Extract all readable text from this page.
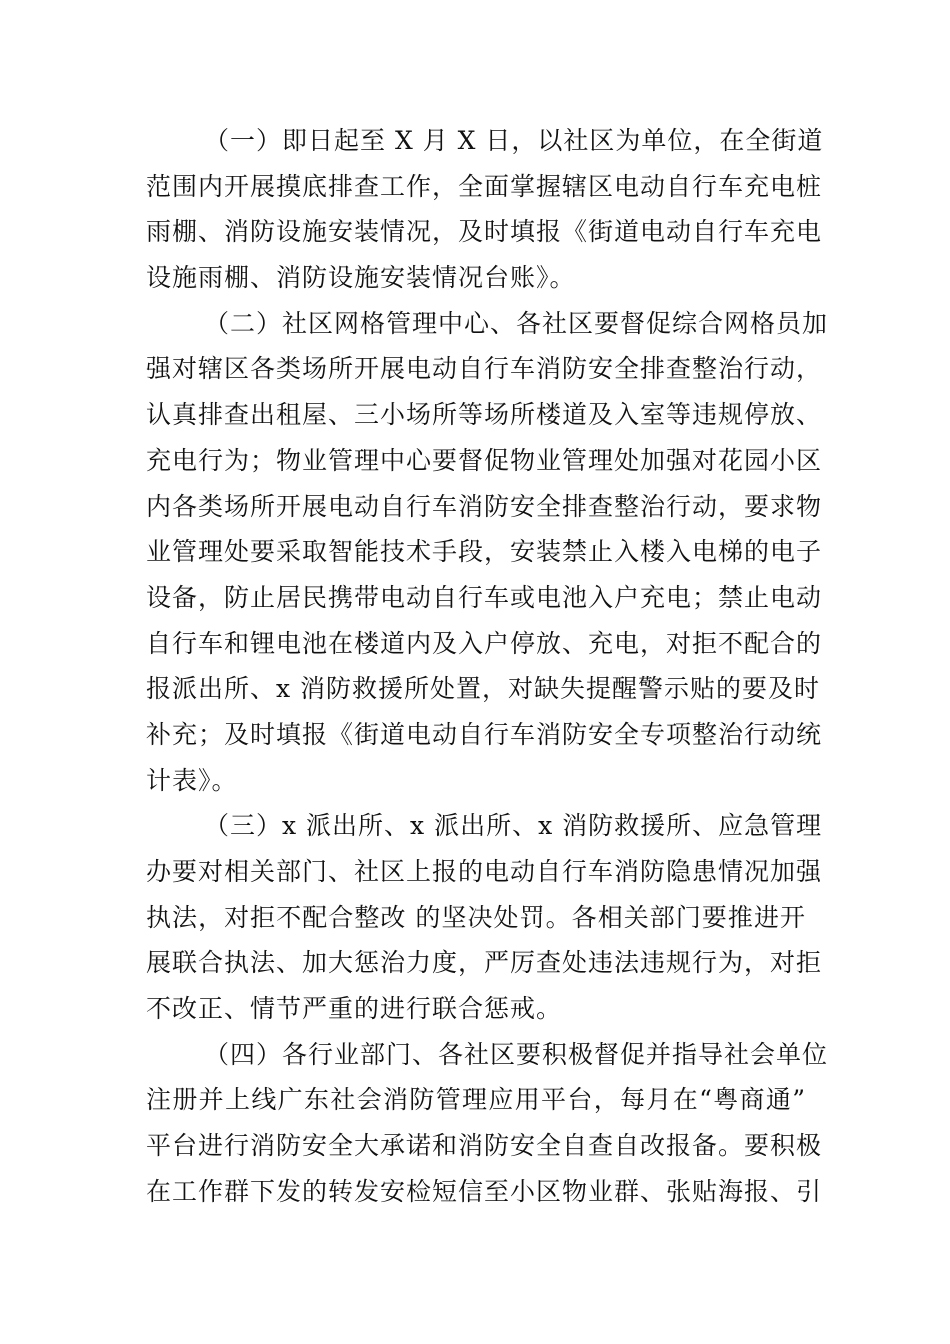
（一）即日起至 X 月 X 日，以社区为单位，在全街道
范围内开展摸底排查工作，全面掌握辖区电动自行车充电桩
雨棚、消防设施安装情况，及时填报《街道电动自行车充电
设施雨棚、消防设施安装情况台账》。
（二）社区网格管理中心、各社区要督促综合网格员加
强对辖区各类场所开展电动自行车消防安全排查整治行动，
认真排查出租屋、三小场所等场所楼道及入室等违规停放、
充电行为；物业管理中心要督促物业管理处加强对花园小区
内各类场所开展电动自行车消防安全排查整治行动，要求物
业管理处要采取智能技术手段，安装禁止入楼入电梯的电子
设备，防止居民携带电动自行车或电池入户充电；禁止电动
自行车和锂电池在楼道内及入户停放、充电，对拒不配合的
报派出所、x 消防救援所处置，对缺失提醒警示贴的要及时
补充；及时填报《街道电动自行车消防安全专项整治行动统
计表》。
（三）x 派出所、x 派出所、x 消防救援所、应急管理
办要对相关部门、社区上报的电动自行车消防隐患情况加强
执法，对拒不配合整改 的坚决处罚。各相关部门要推进开
展联合执法、加大惩治力度，严厉查处违法违规行为，对拒
不改正、情节严重的进行联合惩戒。
（四）各行业部门、各社区要积极督促并指导社会单位
注册并上线广东社会消防管理应用平台，每月在“粤商通”
平台进行消防安全大承诺和消防安全自查自改报备。要积极
在工作群下发的转发安检短信至小区物业群、张贴海报、引
